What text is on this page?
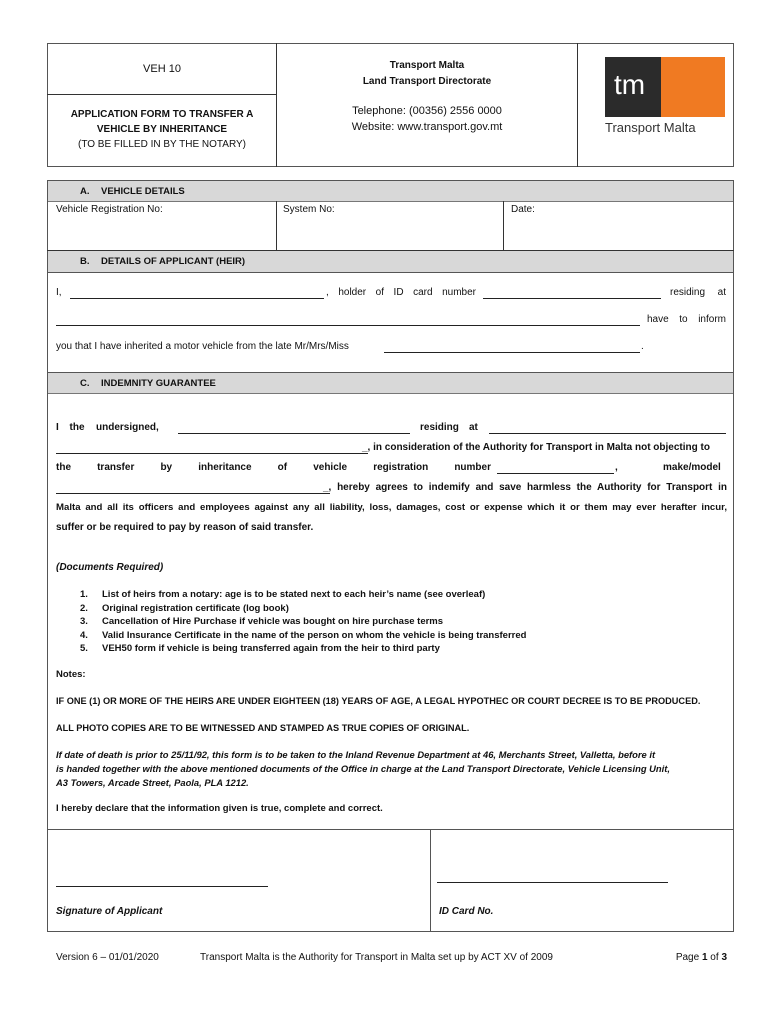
VEH 10
APPLICATION FORM TO TRANSFER A
VEHICLE BY INHERITANCE
(TO BE FILLED IN BY THE NOTARY)
Transport Malta
Land Transport Directorate
Telephone: (00356) 2556 0000
Website: www.transport.gov.mt
tm
Transport Malta
A. VEHICLE DETAILS
Vehicle Registration No:	System No:	Date:
B. DETAILS OF APPLICANT (HEIR)
I,	, holder of ID card number	residing at
have to inform
you that I have inherited a motor vehicle from the late Mr/Mrs/Miss	.
C. INDEMNITY GUARANTEE
I the undersigned,	residing at
_, in consideration of the Authority for Transport in Malta not objecting to
the	transfer	by	inheritance	of	vehicle	registration	number	,	make/model
_, hereby agrees to indemify and save harmless the Authority for Transport in
Malta and all its officers and employees against any all liability, loss, damages, cost or expense which it or them may ever herafter incur,
suffer or be required to pay by reason of said transfer.
(Documents Required)
1. List of heirs from a notary: age is to be stated next to each heir’s name (see overleaf)
2. Original registration certificate (log book)
3. Cancellation of Hire Purchase if vehicle was bought on hire purchase terms
4. Valid Insurance Certificate in the name of the person on whom the vehicle is being transferred
5. VEH50 form if vehicle is being transferred again from the heir to third party
Notes:
IF ONE (1) OR MORE OF THE HEIRS ARE UNDER EIGHTEEN (18) YEARS OF AGE, A LEGAL HYPOTHEC OR COURT DECREE IS TO BE PRODUCED.
ALL PHOTO COPIES ARE TO BE WITNESSED AND STAMPED AS TRUE COPIES OF ORIGINAL.
If date of death is prior to 25/11/92, this form is to be taken to the Inland Revenue Department at 46, Merchants Street, Valletta, before it
is handed together with the above mentioned documents of the Office in charge at the Land Transport Directorate, Vehicle Licensing Unit,
A3 Towers, Arcade Street, Paola, PLA 1212.
I hereby declare that the information given is true, complete and correct.
Signature of Applicant	ID Card No.
Version 6 – 01/01/2020	Transport Malta is the Authority for Transport in Malta set up by ACT XV of 2009	Page 1 of 3
